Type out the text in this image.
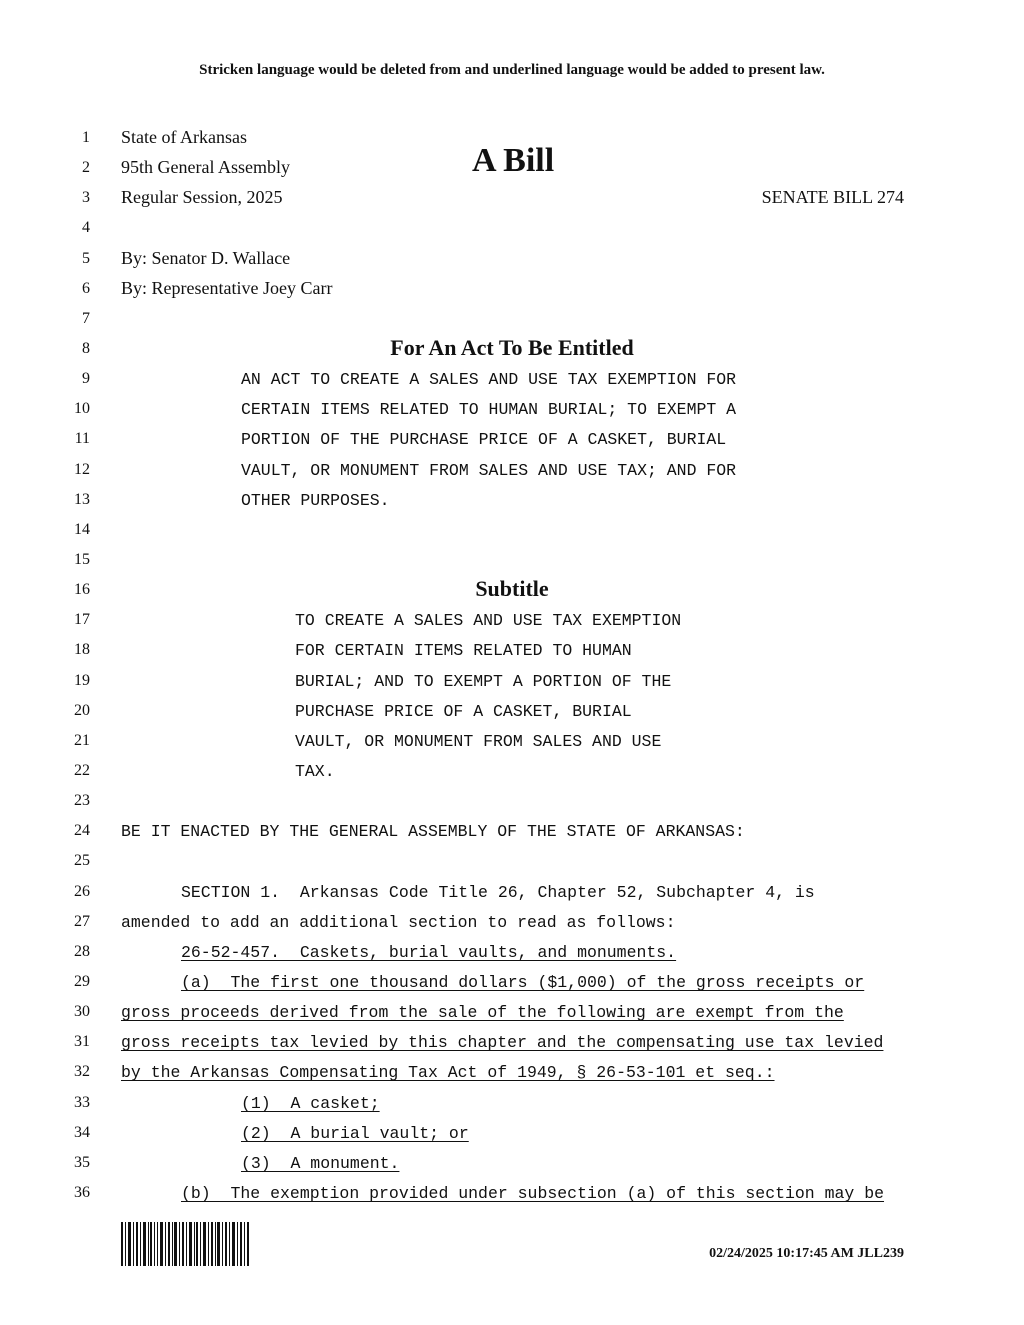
Stricken language would be deleted from and underlined language would be added to present law.
1
2
3
4
5
6
7
8
9
10
11
12
13
14
15
16
17
18
19
20
21
22
23
24
25
26
27
28
29
30
31
32
33
34
35
36
State of Arkansas
95th General Assembly
Regular Session, 2025
A Bill
SENATE BILL 274
By: Senator D. Wallace
By: Representative Joey Carr
For An Act To Be Entitled
AN ACT TO CREATE A SALES AND USE TAX EXEMPTION FOR
CERTAIN ITEMS RELATED TO HUMAN BURIAL; TO EXEMPT A
PORTION OF THE PURCHASE PRICE OF A CASKET, BURIAL
VAULT, OR MONUMENT FROM SALES AND USE TAX; AND FOR
OTHER PURPOSES.
Subtitle
TO CREATE A SALES AND USE TAX EXEMPTION
FOR CERTAIN ITEMS RELATED TO HUMAN
BURIAL; AND TO EXEMPT A PORTION OF THE
PURCHASE PRICE OF A CASKET, BURIAL
VAULT, OR MONUMENT FROM SALES AND USE
TAX.
BE IT ENACTED BY THE GENERAL ASSEMBLY OF THE STATE OF ARKANSAS:
SECTION 1.  Arkansas Code Title 26, Chapter 52, Subchapter 4, is
amended to add an additional section to read as follows:
26-52-457.  Caskets, burial vaults, and monuments.
(a)  The first one thousand dollars ($1,000) of the gross receipts or
gross proceeds derived from the sale of the following are exempt from the
gross receipts tax levied by this chapter and the compensating use tax levied
by the Arkansas Compensating Tax Act of 1949, § 26-53-101 et seq.:
(1)  A casket;
(2)  A burial vault; or
(3)  A monument.
(b)  The exemption provided under subsection (a) of this section may be
02/24/2025 10:17:45 AM JLL239
